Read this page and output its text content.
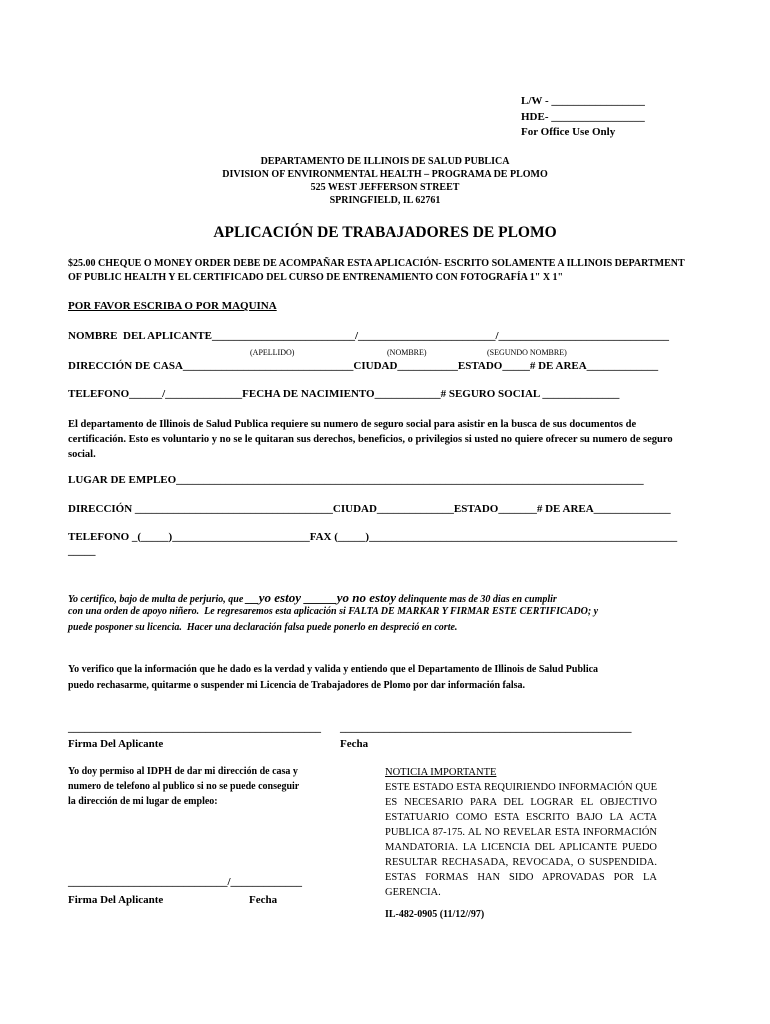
L/W - _________________
HDE- _________________
For Office Use Only
DEPARTAMENTO DE ILLINOIS DE SALUD PUBLICA
DIVISION OF ENVIRONMENTAL HEALTH – PROGRAMA DE PLOMO
525 WEST JEFFERSON STREET
SPRINGFIELD, IL 62761
APLICACIÓN DE TRABAJADORES DE PLOMO
$25.00 CHEQUE O MONEY ORDER DEBE DE ACOMPAÑAR ESTA APLICACIÓN- ESCRITO SOLAMENTE A ILLINOIS DEPARTMENT
OF PUBLIC HEALTH Y EL CERTIFICADO DEL CURSO DE ENTRENAMIENTO CON FOTOGRAFÍA 1" X 1"
POR FAVOR ESCRIBA O POR MAQUINA
NOMBRE  DEL APLICANTE__________________________/_________________________/_______________________________
(APELLIDO)	(NOMBRE)	(SEGUNDO NOMBRE)
DIRECCIÓN DE CASA_______________________________CIUDAD___________ESTADO_____# DE AREA_____________
TELEFONO______/______________FECHA DE NACIMIENTO____________# SEGURO SOCIAL ______________
El departamento de Illinois de Salud Publica requiere su numero de seguro social para asistir en la busca de sus documentos de certificación. Esto es voluntario y no se le quitaran sus derechos, beneficios, o privilegios si usted no quiere ofrecer su numero de seguro social.
LUGAR DE EMPLEO_____________________________________________________________________________________
DIRECCIÓN ____________________________________CIUDAD______________ESTADO_______# DE AREA______________
TELEFONO _(_____)_________________________FAX (_____)________________________________________________________
_____
Yo certifico, bajo de multa de perjurio, que __yo estoy _____yo no estoy delinquente mas de 30 dias en cumplir
con una orden de apoyo niñero.  Le regresaremos esta aplicación si FALTA DE MARKAR Y FIRMAR ESTE CERTIFICADO; y
puede posponer su licencia.  Hacer una declaración falsa puede ponerlo en despreció en corte.
Yo verifico que la información que he dado es la verdad y valida y entiendo que el Departamento de Illinois de Salud Publica
puedo rechasarme, quitarme o suspender mi Licencia de Trabajadores de Plomo por dar información falsa.
______________________________________________
Firma Del Aplicante
_____________________________________________________
Fecha
Yo doy permiso al IDPH de dar mi dirección de casa y
numero de telefono al publico si no se puede conseguir
la dirección de mi lugar de empleo:
_____________________________/_____________
Firma Del Aplicante	Fecha

NOTICIA IMPORTANTE

ESTE ESTADO ESTA REQUIRIENDO INFORMACIÓN QUE ES NECESARIO PARA DEL LOGRAR EL OBJECTIVO ESTATUARIO COMO ESTA ESCRITO BAJO LA ACTA PUBLICA 87-175. AL NO REVELAR ESTA INFORMACIÓN MANDATORIA. LA LICENCIA DEL APLICANTE PUEDO RESULTAR RECHASADA, REVOCADA, O SUSPENDIDA. ESTAS FORMAS HAN SIDO APROVADAS POR LA GERENCIA.

IL-482-0905 (11/12//97)
